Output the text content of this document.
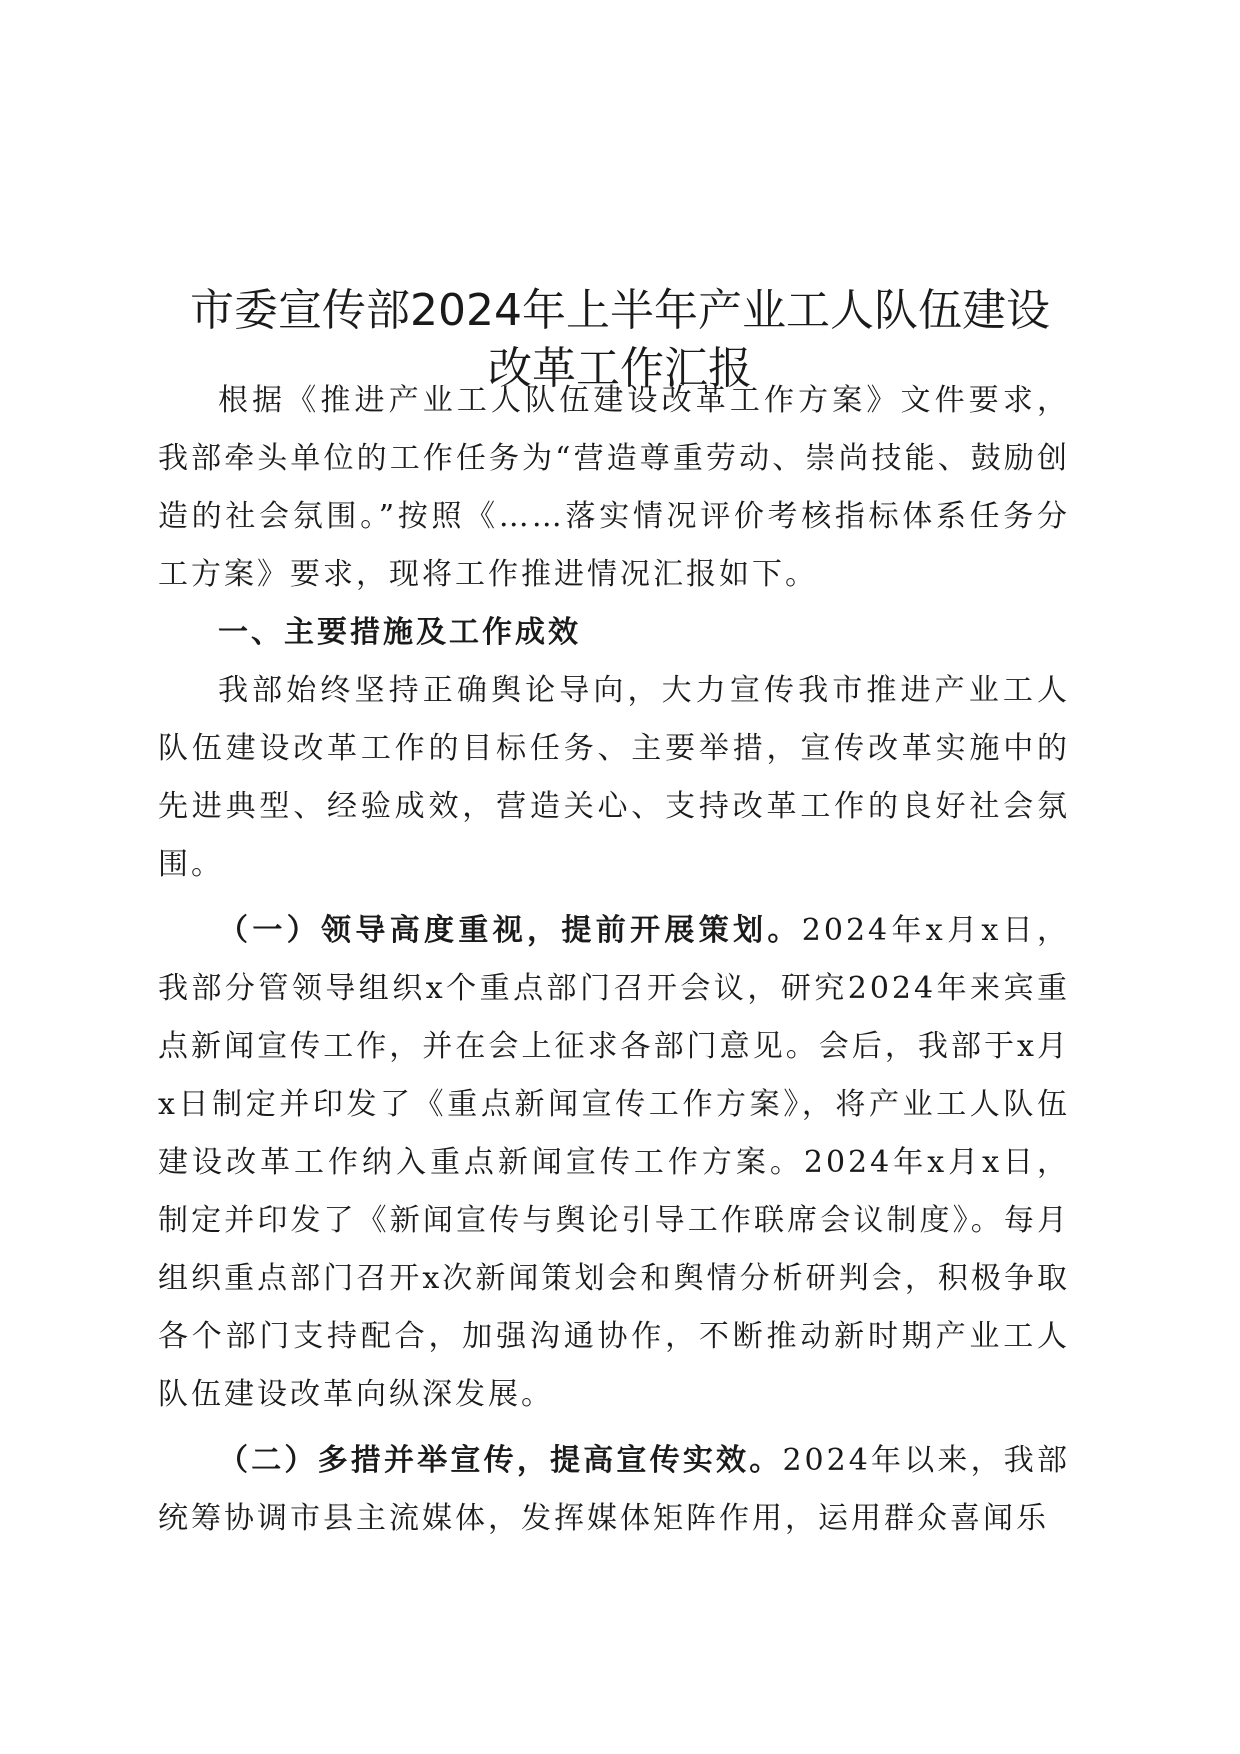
市委宣传部2024年上半年产业工人队伍建设
改革工作汇报

根据《推进产业工人队伍建设改革工作方案》文件要求，我部牵头单位的工作任务为“营造尊重劳动、崇尚技能、鼓励创造的社会氛围。”按照《……落实情况评价考核指标体系任务分工方案》要求，现将工作推进情况汇报如下。

一、主要措施及工作成效

我部始终坚持正确舆论导向，大力宣传我市推进产业工人队伍建设改革工作的目标任务、主要举措，宣传改革实施中的先进典型、经验成效，营造关心、支持改革工作的良好社会氛围。

（一）领导高度重视，提前开展策划。2024年x月x日，我部分管领导组织x个重点部门召开会议，研究2024年来宾重点新闻宣传工作，并在会上征求各部门意见。会后，我部于x月x日制定并印发了《重点新闻宣传工作方案》，将产业工人队伍建设改革工作纳入重点新闻宣传工作方案。2024年x月x日，制定并印发了《新闻宣传与舆论引导工作联席会议制度》。每月组织重点部门召开x次新闻策划会和舆情分析研判会，积极争取各个部门支持配合，加强沟通协作，不断推动新时期产业工人队伍建设改革向纵深发展。

（二）多措并举宣传，提高宣传实效。2024年以来，我部统筹协调市县主流媒体，发挥媒体矩阵作用，运用群众喜闻乐
